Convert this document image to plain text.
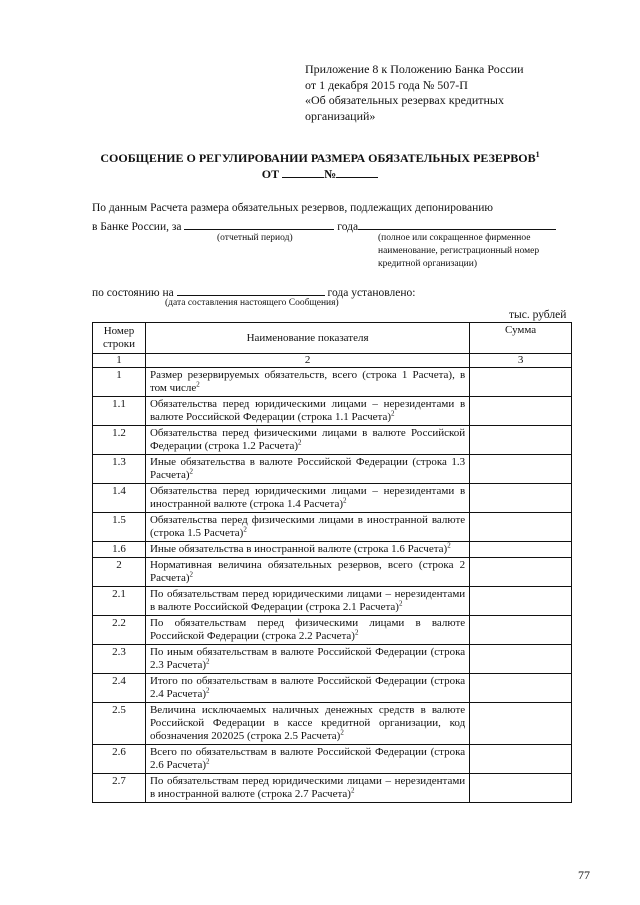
Приложение 8 к Положению Банка России
от 1 декабря 2015 года № 507-П
«Об обязательных резервах кредитных
организаций»
СООБЩЕНИЕ О РЕГУЛИРОВАНИИ РАЗМЕРА ОБЯЗАТЕЛЬНЫХ РЕЗЕРВОВ$^1$
ОТ	№
По данным Расчета размера обязательных резервов, подлежащих депонированию
в Банке России, за	года
(отчетный период)	(полное или сокращенное фирменное
наименование, регистрационный номер
кредитной организации)
по состоянию на	года установлено:
(дата составления настоящего Сообщения)
тыс. рублей
Номер строки	Наименование показателя	Сумма
1	2	3
1	Размер резервируемых обязательств, всего (строка 1 Расчета), в том числе$^2$	
1.1	Обязательства перед юридическими лицами – нерезидентами в валюте Российской Федерации (строка 1.1 Расчета)$^2$	
1.2	Обязательства перед физическими лицами в валюте Российской Федерации (строка 1.2 Расчета)$^2$	
1.3	Иные обязательства в валюте Российской Федерации (строка 1.3 Расчета)$^2$	
1.4	Обязательства перед юридическими лицами – нерезидентами в иностранной валюте (строка 1.4 Расчета)$^2$	
1.5	Обязательства перед физическими лицами в иностранной валюте (строка 1.5 Расчета)$^2$	
1.6	Иные обязательства в иностранной валюте (строка 1.6 Расчета)$^2$	
2	Нормативная величина обязательных резервов, всего (строка 2 Расчета)$^2$	
2.1	По обязательствам перед юридическими лицами – нерезидентами в валюте Российской Федерации (строка 2.1 Расчета)$^2$	
2.2	По обязательствам перед физическими лицами в валюте Российской Федерации (строка 2.2 Расчета)$^2$	
2.3	По иным обязательствам в валюте Российской Федерации (строка 2.3 Расчета)$^2$	
2.4	Итого по обязательствам в валюте Российской Федерации (строка 2.4 Расчета)$^2$	
2.5	Величина исключаемых наличных денежных средств в валюте Российской Федерации в кассе кредитной организации, код обозначения 202025 (строка 2.5 Расчета)$^2$	
2.6	Всего по обязательствам в валюте Российской Федерации (строка 2.6 Расчета)$^2$	
2.7	По обязательствам перед юридическими лицами – нерезидентами в иностранной валюте (строка 2.7 Расчета)$^2$	
77
